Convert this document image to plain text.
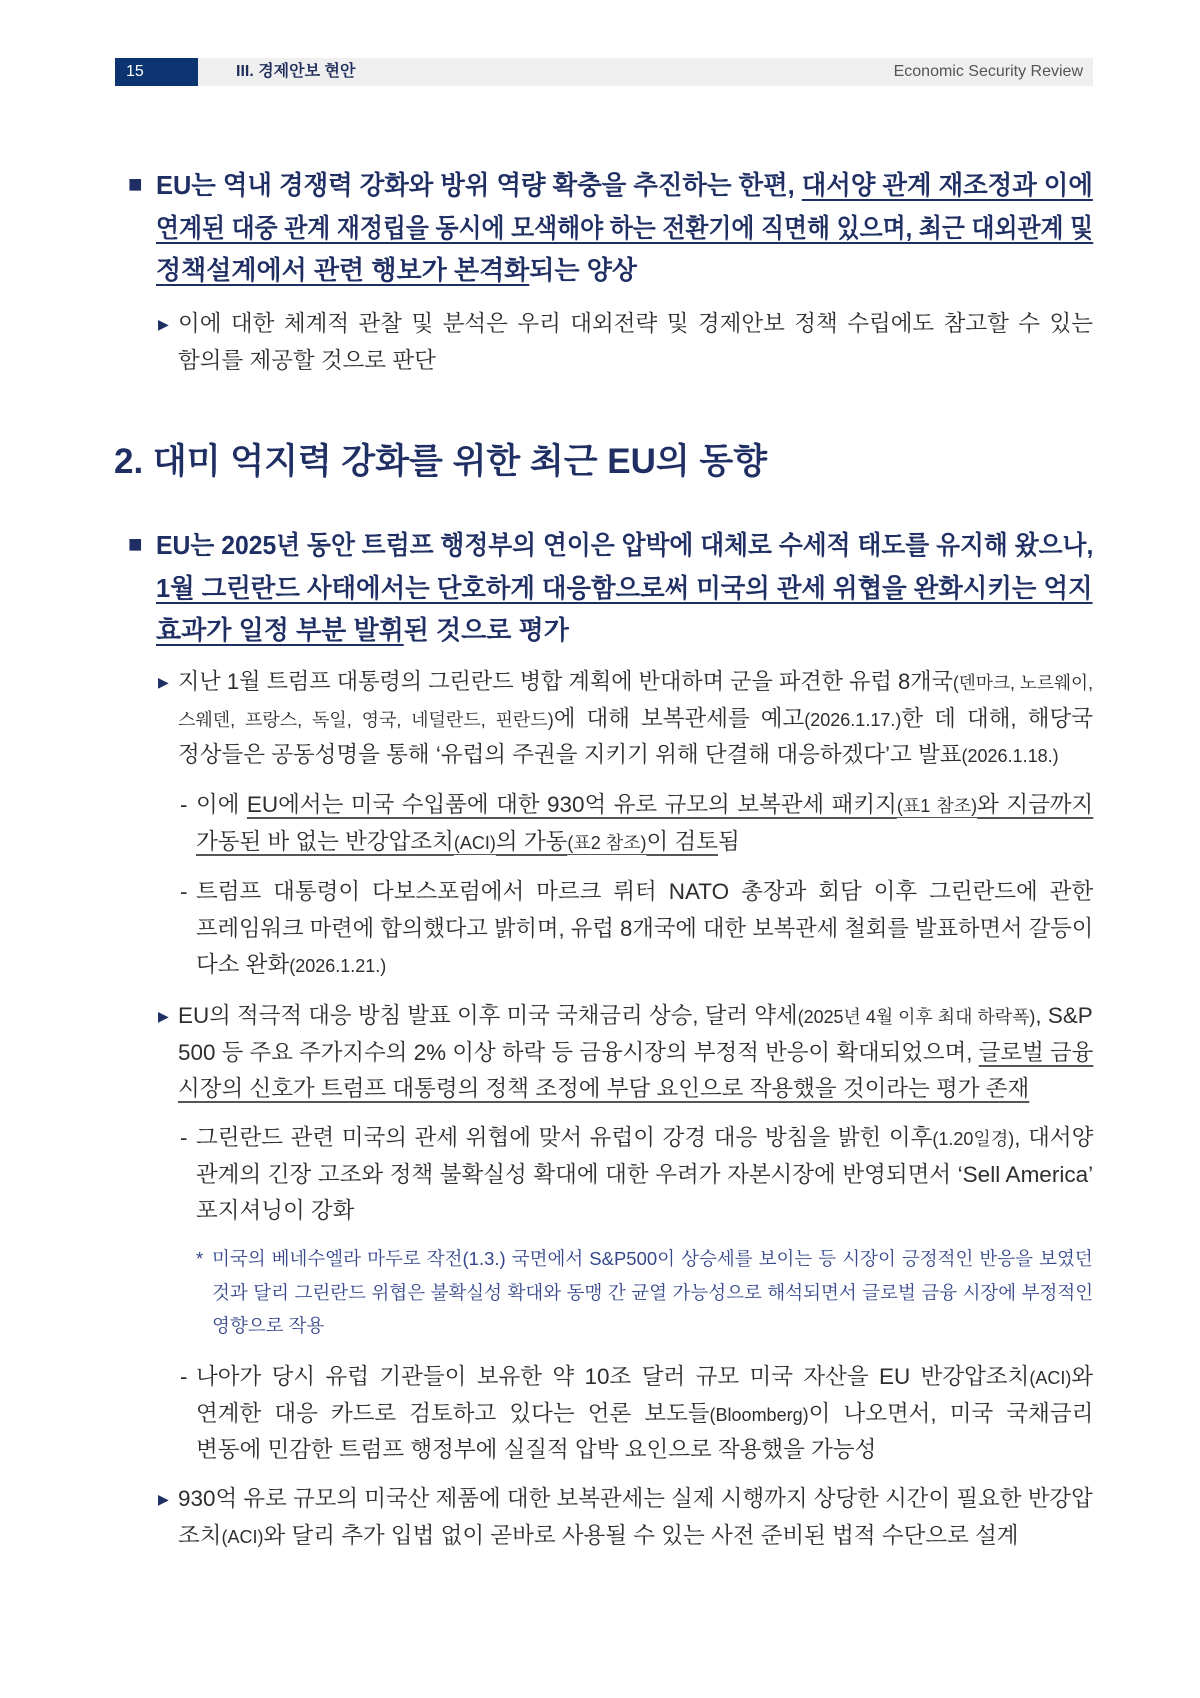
15	III. 경제안보 현안	Economic Security Review
■ EU는 역내 경쟁력 강화와 방위 역량 확충을 추진하는 한편, 대서양 관계 재조정과 이에
연계된 대중 관계 재정립을 동시에 모색해야 하는 전환기에 직면해 있으며, 최근 대외관계 및
정책설계에서 관련 행보가 본격화되는 양상
▶ 이에 대한 체계적 관찰 및 분석은 우리 대외전략 및 경제안보 정책 수립에도 참고할 수 있는
함의를 제공할 것으로 판단
2. 대미 억지력 강화를 위한 최근 EU의 동향
■ EU는 2025년 동안 트럼프 행정부의 연이은 압박에 대체로 수세적 태도를 유지해 왔으나,
1월 그린란드 사태에서는 단호하게 대응함으로써 미국의 관세 위협을 완화시키는 억지
효과가 일정 부분 발휘된 것으로 평가
▶ 지난 1월 트럼프 대통령의 그린란드 병합 계획에 반대하며 군을 파견한 유럽 8개국(덴마크, 노르웨이,
스웨덴, 프랑스, 독일, 영국, 네덜란드, 핀란드)에 대해 보복관세를 예고(2026.1.17.)한 데 대해, 해당국
정상들은 공동성명을 통해 ‘유럽의 주권을 지키기 위해 단결해 대응하겠다’고 발표(2026.1.18.)
- 이에 EU에서는 미국 수입품에 대한 930억 유로 규모의 보복관세 패키지(표1 참조)와 지금까지
가동된 바 없는 반강압조치(ACI)의 가동(표2 참조)이 검토됨
- 트럼프 대통령이 다보스포럼에서 마르크 뤼터 NATO 총장과 회담 이후 그린란드에 관한
프레임워크 마련에 합의했다고 밝히며, 유럽 8개국에 대한 보복관세 철회를 발표하면서 갈등이
다소 완화(2026.1.21.)
▶ EU의 적극적 대응 방침 발표 이후 미국 국채금리 상승, 달러 약세(2025년 4월 이후 최대 하락폭), S&P
500 등 주요 주가지수의 2% 이상 하락 등 금융시장의 부정적 반응이 확대되었으며, 글로벌 금융
시장의 신호가 트럼프 대통령의 정책 조정에 부담 요인으로 작용했을 것이라는 평가 존재
- 그린란드 관련 미국의 관세 위협에 맞서 유럽이 강경 대응 방침을 밝힌 이후(1.20일경), 대서양
관계의 긴장 고조와 정책 불확실성 확대에 대한 우려가 자본시장에 반영되면서 ‘Sell America’
포지셔닝이 강화
* 미국의 베네수엘라 마두로 작전(1.3.) 국면에서 S&P500이 상승세를 보이는 등 시장이 긍정적인 반응을 보였던
것과 달리 그린란드 위협은 불확실성 확대와 동맹 간 균열 가능성으로 해석되면서 글로벌 금융 시장에 부정적인
영향으로 작용
- 나아가 당시 유럽 기관들이 보유한 약 10조 달러 규모 미국 자산을 EU 반강압조치(ACI)와
연계한 대응 카드로 검토하고 있다는 언론 보도들(Bloomberg)이 나오면서, 미국 국채금리
변동에 민감한 트럼프 행정부에 실질적 압박 요인으로 작용했을 가능성
▶ 930억 유로 규모의 미국산 제품에 대한 보복관세는 실제 시행까지 상당한 시간이 필요한 반강압
조치(ACI)와 달리 추가 입법 없이 곧바로 사용될 수 있는 사전 준비된 법적 수단으로 설계
